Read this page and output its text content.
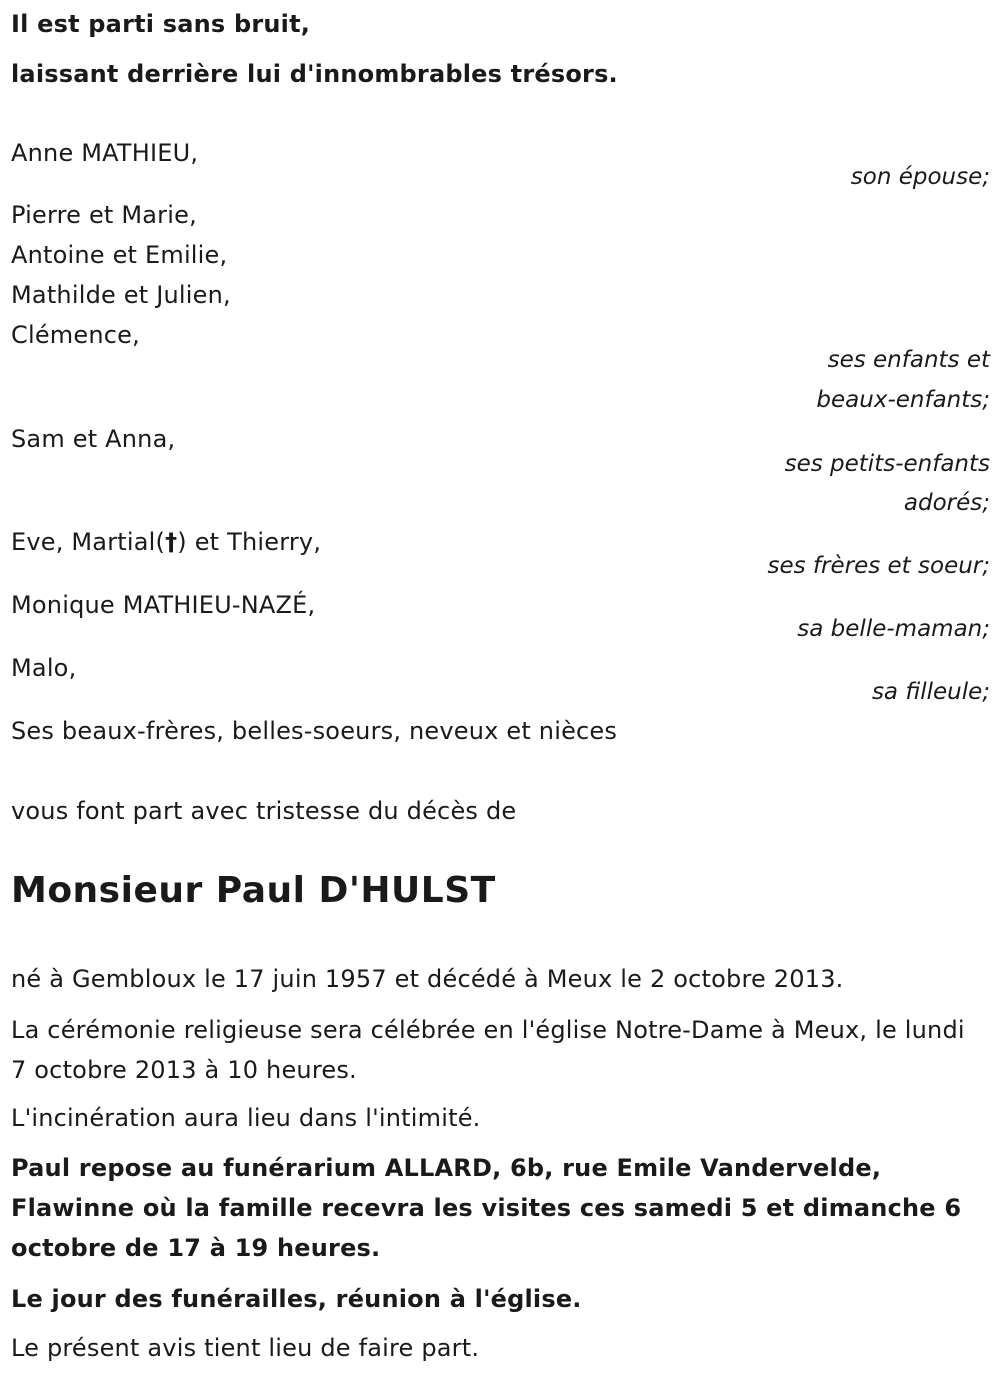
Il est parti sans bruit,

laissant derrière lui d'innombrables trésors.

Anne MATHIEU,

son épouse;

Pierre et Marie,

Antoine et Emilie,

Mathilde et Julien,

Clémence,

ses enfants et

beaux-enfants;

Sam et Anna,

ses petits-enfants

adorés;

Eve, Martial(†) et Thierry,

ses frères et soeur;

Monique MATHIEU-NAZÉ,

sa belle-maman;

Malo,

sa filleule;

Ses beaux-frères, belles-soeurs, neveux et nièces

vous font part avec tristesse du décès de

Monsieur Paul D'HULST

né à Gembloux le 17 juin 1957 et décédé à Meux le 2 octobre 2013.

La cérémonie religieuse sera célébrée en l'église Notre-Dame à Meux, le lundi 7 octobre 2013 à 10 heures.

L'incinération aura lieu dans l'intimité.

Paul repose au funérarium ALLARD, 6b, rue Emile Vandervelde,

Flawinne où la famille recevra les visites ces samedi 5 et dimanche 6

octobre de 17 à 19 heures.

Le jour des funérailles, réunion à l'église.

Le présent avis tient lieu de faire part.
